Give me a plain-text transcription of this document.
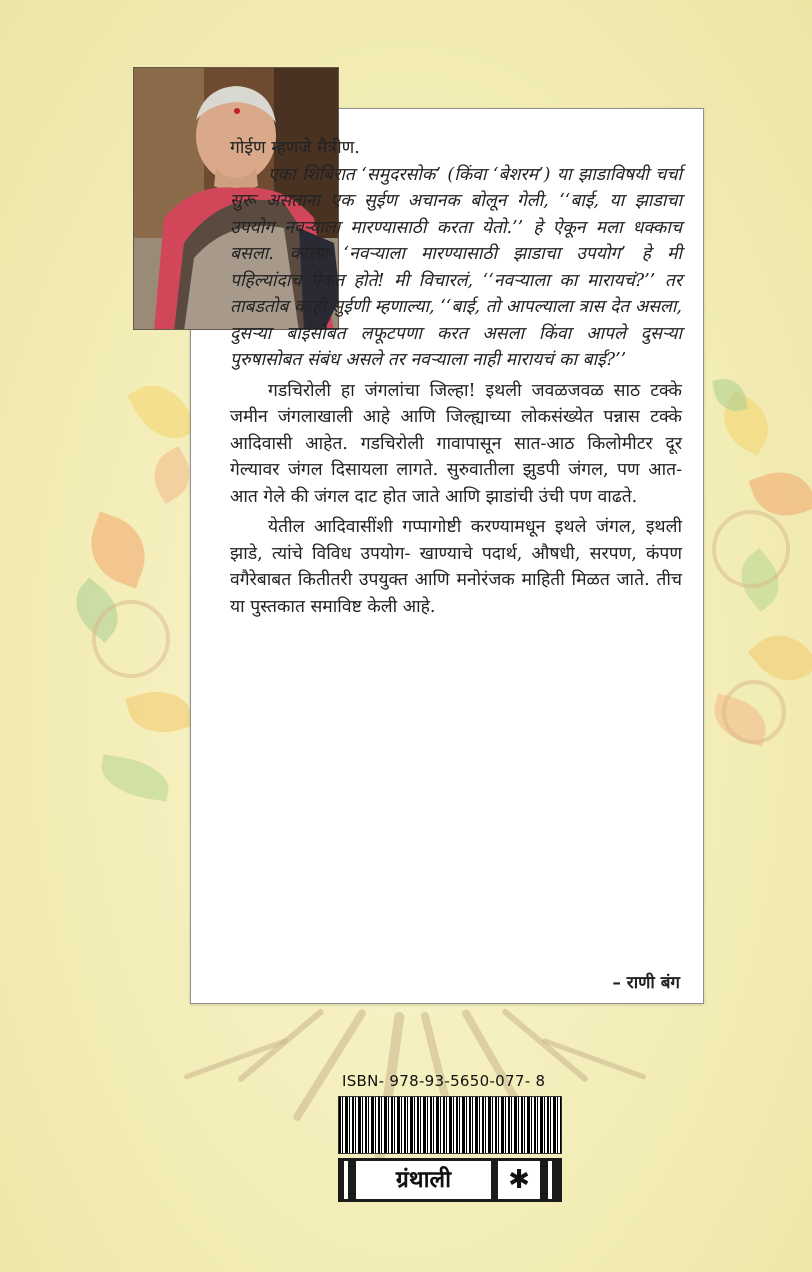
गोईण म्हणजे मैत्रीण.

एका शिबिरात ‘समुदरसोक’ (किंवा ‘बेशरम’) या झाडाविषयी चर्चा सुरू असताना एक सुईण अचानक बोलून गेली, ‘‘बाई, या झाडाचा उपयोग नवऱ्याला मारण्यासाठी करता येतो.’’ हे ऐकून मला धक्काच बसला. कारण ‘नवऱ्याला मारण्यासाठी झाडाचा उपयोग’ हे मी पहिल्यांदाच ऐकत होते! मी विचारलं, ‘‘नवऱ्याला का मारायचं?’’ तर ताबडतोब काही सुईणी म्हणाल्या, ‘‘बाई, तो आपल्याला त्रास देत असला, दुसऱ्या बाईसोबत लफूटपणा करत असला किंवा आपले दुसऱ्या पुरुषासोबत संबंध असले तर नवऱ्याला नाही मारायचं का बाई?’’

गडचिरोली हा जंगलांचा जिल्हा! इथली जवळजवळ साठ टक्के जमीन जंगलाखाली आहे आणि जिल्ह्याच्या लोकसंख्येत पन्नास टक्के आदिवासी आहेत. गडचिरोली गावापासून सात-आठ किलोमीटर दूर गेल्यावर जंगल दिसायला लागते. सुरुवातीला झुडपी जंगल, पण आत-आत गेले की जंगल दाट होत जाते आणि झाडांची उंची पण वाढते.

येतील आदिवासींशी गप्पागोष्टी करण्यामधून इथले जंगल, इथली झाडे, त्यांचे विविध उपयोग- खाण्याचे पदार्थ, औषधी, सरपण, कंपण वगैरेबाबत कितीतरी उपयुक्त आणि मनोरंजक माहिती मिळत जाते. तीच या पुस्तकात समाविष्ट केली आहे.

– राणी बंग
ISBN- 978-93-5650-077- 8
ग्रंथाली	✱
